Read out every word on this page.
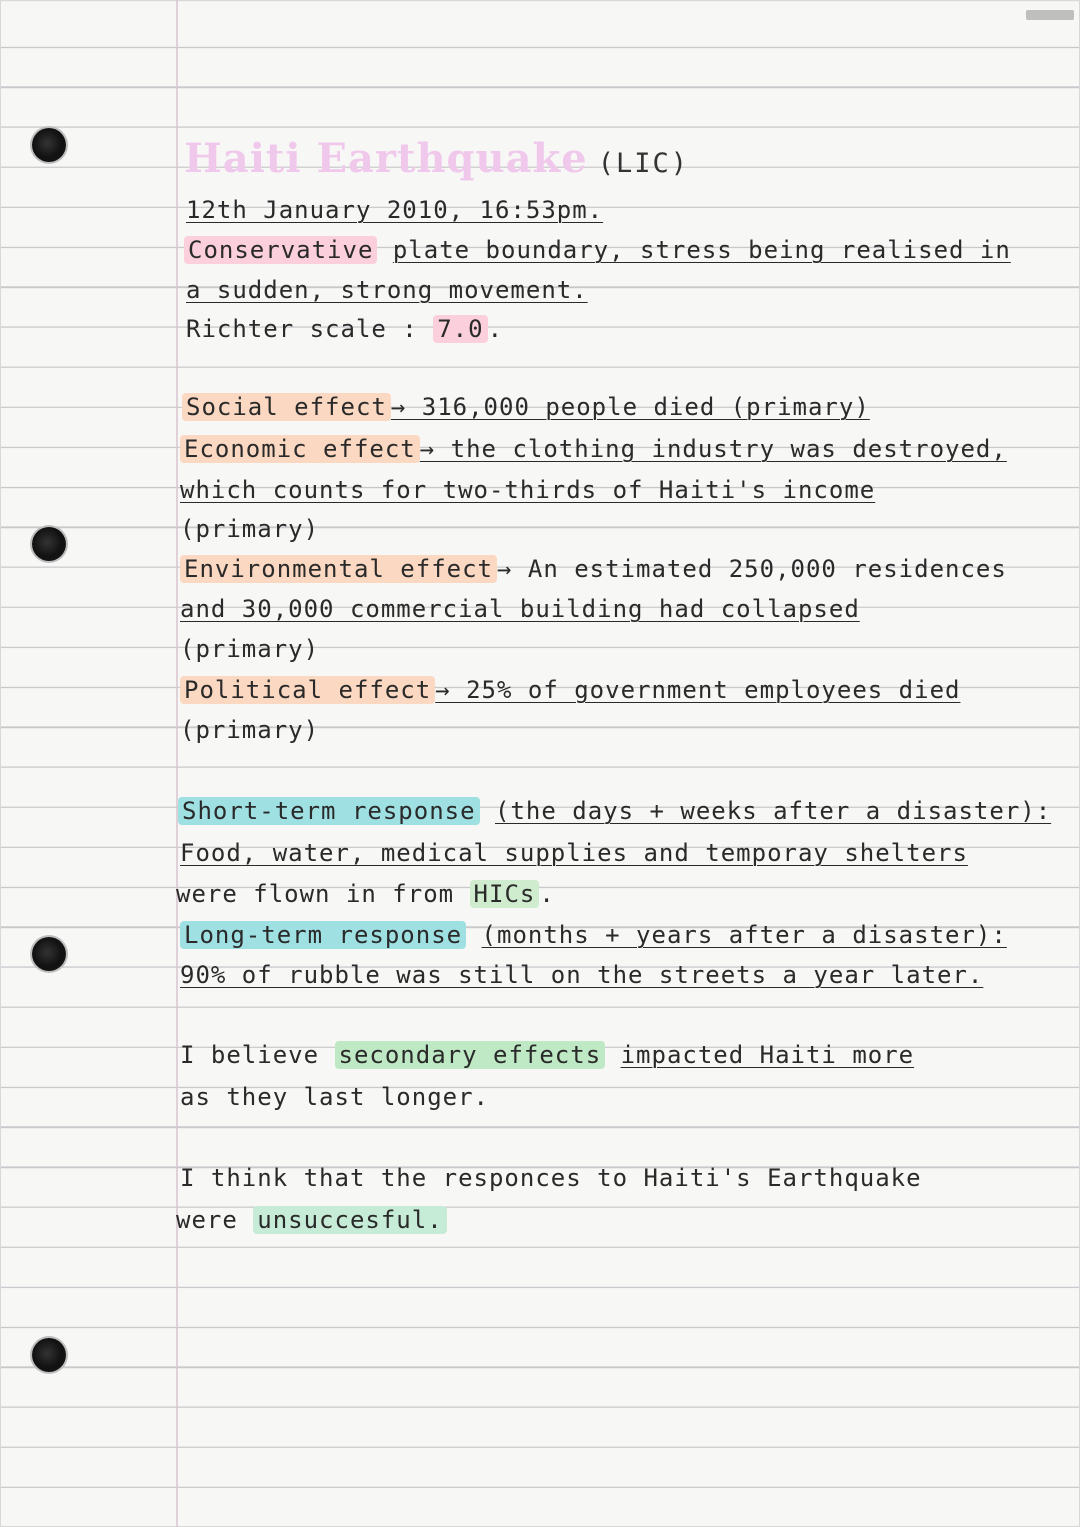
Haiti Earthquake (LIC)
12th January 2010, 16:53pm.
Conservative plate boundary, stress being realised in
a sudden, strong movement.
Richter scale : 7.0 .
Social effect → 316,000 people died (primary)
Economic effect → the clothing industry was destroyed,
which counts for two-thirds of Haiti's income
(primary)
Environmental effect → An estimated 250,000 residences
and 30,000 commercial building had collapsed
(primary)
Political effect → 25% of government employees died
(primary)
Short-term response (the days + weeks after a disaster):
Food, water, medical supplies and temporay shelters
were flown in from HICs .
Long-term response (months + years after a disaster):
90% of rubble was still on the streets a year later.
I believe secondary effects impacted Haiti more
as they last longer.
I think that the responces to Haiti's Earthquake
were unsuccesful.
